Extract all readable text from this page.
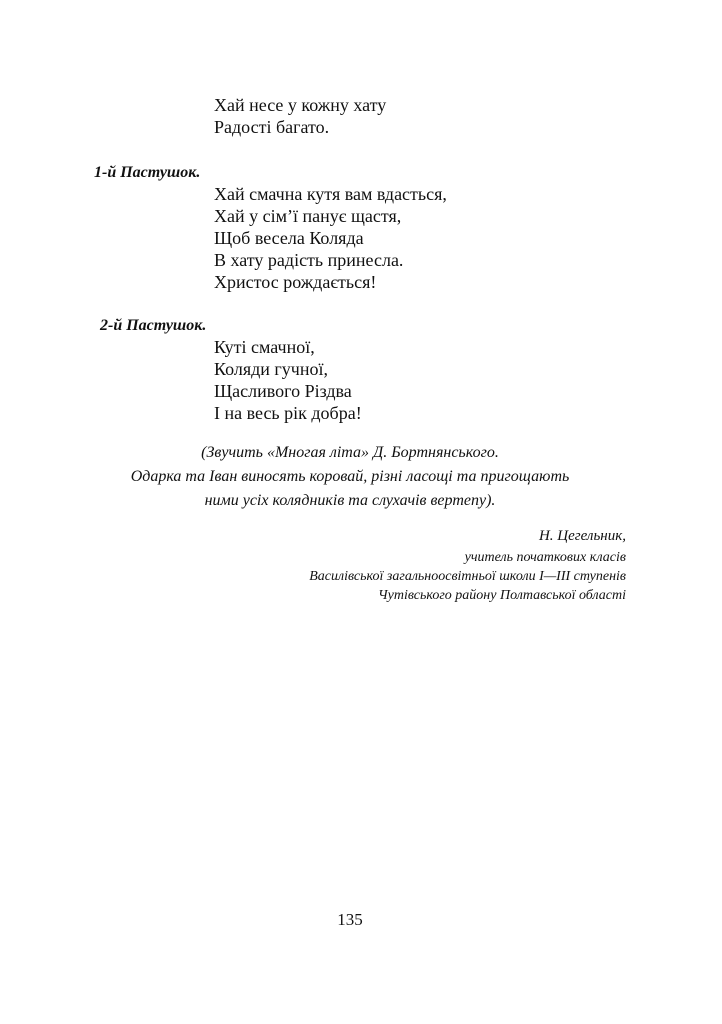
Хай несе у кожну хату
Радості багато.
1-й Пастушок.
Хай смачна кутя вам вдасться,
Хай у сім’ї панує щастя,
Щоб весела Коляда
В хату радість принесла.
Христос рождається!
2-й Пастушок.
Куті смачної,
Коляди гучної,
Щасливого Різдва
І на весь рік добра!
(Звучить «Многая літа» Д. Бортнянського.
Одарка та Іван виносять коровай, різні ласощі та пригощають
ними усіх колядників та слухачів вертепу).
Н. Цегельник,
учитель початкових класів
Василівської загальноосвітньої школи І—ІІІ ступенів
Чутівського району Полтавської області
135
